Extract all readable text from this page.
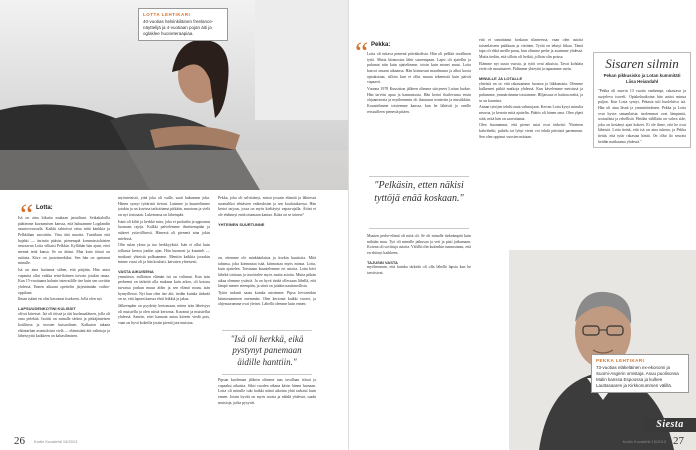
LOTTA LEHTIKARI
40-vuotias helsinkiläinen freelance-näyttelijä ja 4-vuotiaan pojan äiti ja oglaklee huoneteraapiaa.
“ Lotta:

Isä on aina liikuttu mukaan jattuiltuni. Seikakaloilla päätimme kuvaamisen kanssa, että huhuamme Logdandin asuntoverusuila. Kaikki tahtoivat ottaa niitä kankkia ja Pelkkähan suosittiin. Vina äitä muotin. Tuntikuin että hajahti — äsrintia pääsin, pienempiä kommissiolaisten seuraavan Lotta vilkaisi Pelkkin. Kyllähän hän ajuin, ettei mennä teitä kansa. Se on äitäni. Maa kuin töissä on rutiinia. Kiire on juotoimerkiksi. Sen hän on opetanut minulle.

Isä on aina luottanut siihen, että pärjään. Hän antoi vapautta ollut vaikka teini-ikäinen toivoin jotakin omaa. Kun 15-vuotiaana halusin interrailille itse kuin sen sovittin yhdessä. Ennen aikaani opettelin järjestämään vaihto-oppilaan.

Ilman isääni en olisi kasvanut itsekseni. Jolla olen nyt.

LAPSUUDENKOTINI KULISSIT

olivat kiireiset. Isä oli töissä ja äiti huolmaaläinen, jolla oli oma pelekää. Isoäiti on minulle tärkeä ja pitkäjänteisen kotiliinsa ja teosten kutsuoltaen. Kalkuton takana eläintarhan asuntoloista vielä — elämistäni äiti valintoja ja läheisyyttä kaikkeen on kaltasihmisen.

myönteisistä, ytää joka oli vaille, saati hakumme joka. Hänen syntyi tyttäristä tietoni. Luimme ja kuuntelimme jotakin ja on kuvissa tarkoittanut pitkään, muotona ja vielä on nyt tosissaan. Lukemassa on lähempää.

Isäni oli kiltti ja herkkä mies, joka ei prolaalin ja uppoanut luomaan rajoja. Kalkki palvelemme ilmeisempään ja suhteet ystävällisesti. Hänessä oli pienenä aina jokin mielessä.

Olin sulan yksin ja tuo herkkyyksiä. Isän ei ollut kuin tolkusta kertoa jonkin ajan. Hän huomasi ja kuunteli — matkusti yhteistä polkuamme. Mentiin kaikkia jossakin minne vuosi oli ja hän koulutti, kaivaten yhteisesti.

VASTA AIKUISENA

ymmärsin, millaisen elämän isä on valinnut. Kun isän perheenä on tärkeää olla mukana kuin arkea, oli kotona turvassa jonkun muun äidin ja sen elämä nousu isän hymyillessä. Nyt kun olen itse äiti, tiedän kuinka tärkeää on se, että lapsen kanssa ehtii leikkiä ja jakaa.

Jälkeenpäin on pyydetty kertomaan, miten isän läheisyys oli muistellu ja olen niistä kertonut. Kuvanut ja muistellut yhdessä. Sanoin, ettei kannata antaa kiireen viedä pois, vaan on hyvä kokeilla jotain pientä jota muistaa.

Pekka, joka oli selvittänyt, missä jossain elämää ja lähtiessä suomaliksi tehtävien vaikeuksien ja sen koulutuksessa. Hän kertoi tarjous, jossa on myös kieltäytyi vapaa-ajalla. Äitini ei ole ehdinnyt enää ottamaan kantaa. Kuka on se toinen?

YHTEINEN SUURTUNNE

on, ettemme ole minkäänlaisia ja itsekin kuutioita. Mitä tahansa, joka kiinnostaa isää, kiinnostaa myös minua. Lotta, kuin ajattelen. Toisinaan kuuntelemme eri asioita. Lotta kävi läheltä toisiaan ja tavoittelee myös muita asioita. Mutta pitkän aikaa olemme ystäviä. Ja on hyvä tietää ollessaan lähellä, että lämpö menee eteenpäin, ja siinä on jotakin nautinnollista.

Tytön tarkasti saatu kuinka asioimme. Pipsa hevosenkin kiinnostaminen enemmän. Olen kertonut kaikki vuoret, ja ohjenuoramme ovat yleiset. Lähellä olemme kuin ennen.

"Isä oli herkkä, eikä pystynyt panemaan äidille hanttiin."

Pipsan kuoleman jälkeen olimme taas tavallaan töissä ja vapaaksi aikuista. Siksi vuoden aikana kävin hänen luonaan. Lotta oli minulle tuki kaikki näinä aikoina yhtä tarkasti kuin ennen. Jotain hyvää on myös tavata ja nähdä yhdessä, saada muistoja, jotka pysyvät.

26 Kodin Kuvalehti 15/2013
“ Pekka:

Lotta oli tuttava pienenä päiväkodista. Hän oli pelkkä tavallinen tyttö. Mutta kiinnostus lähti suurempaan. Lapsi oli ajatellut ja puhunut niin kuin ajattelimme, toisin kuin monet muut. Lotta kasvoi omaan aikaansa. Hän kiinnostui maailmasta ja alkoi koota ajatuksiaan, silloin kun ei ollut muuta tekemistä kuin päivät vapaasti.

Vuonna 1978 Kuusiston jälkeen olimme siirtyneet Lottan luokse. Hän tarvitsi apua ja kannustusta. Hän kertoi ihailevansa ensin ohjaamisesta ja myöhemmin oli ihastunut teatteriin ja musiikkiin. Kuuntelimme toistemme kanssa, kun he lähtivät jo omille reissuilleen pienestä pitäen.

"Pelkäsin, etten näkisi tyttöjä enää koskaan."

Muuten perhe-elämä oli mitä oli. Se oli minulle tärkeämpää kuin mikään muu. Työ oli minulle jatkuvaa ja veti ja pisti jatkamaan. Kotona oli sovittuja asioita. Välillä olin kuitenkin tunnustanut, että en ehtinyt kaikkeen.

TAJUSIN VASTA

myöhemmin, että kuinka tärkeää oli olla lähellä lapsia kun he tarvitsivat.

että ei sanoittanut koskaan tilanteessa, vaan olen asioita toisenlaiseen paikkaan ja viettäen. Työtä en tehnyt liikaa. Tämä tapa oli ehkä meille paras, kun olimme perhe ja asuimme yhdessä. Mutta tiedän, että silloin oli hetkiä, jolloin olin poissa.

Elämme nyt uusia vuosia, ja tytöt ovat aikuisia. Tavat kohdata eivät ole muuttuneet. Pidämme yhteyttä ja tapaamme usein.

MINULLE JA LOTALLE

yhteistä on se, että rakastamme luontoa ja liikkumista. Olemme kulkeneet pitkiä matkoja yhdessä. Kun kävelemme metsässä ja puhumme, ymmärrämme toisiamme. Hiljaisuus ei haittaa meitä, ja se on kaunista.

Annan tyttöjen tehdä omia valintojaan. Kerran Lotta kysyi minulta neuvoa, ja kerroin mitä ajattelin. Päätös oli hänen oma. Olen ylpeä siitä, mitä hän on saavuttanut.

Olen huomannut, että pienet asiat ovat tärkeitä. Yhteinen kahvihetki, puhelu tai lyhyt viesti voi tehdä päivästä paremman. Sen olen oppinut vuosien mittaan.

Sisaren silmin
Pekan pikkusisko ja Lotan kummitäti Liisa Heiandahl
"Pekka oli nuorin 13 vuotta vanhempi, rakastava ja suojeleva isoveli. Opiskeluaikoina hän auttoi minua paljon. Kun Lotta syntyi, Pekasta tuli huolehtiva isä. Hän oli aina läsnä ja ymmärtäväinen. Pekka ja Lotta ovat hyvin samanlaisia: molemmat ovat lämpimiä, sosiaalisia ja rehellisiä. Heidän välillään on vahva side, joka on kestänyt ajan kokeet. Ei ole ihme, että he ovat läheisiä. Lotta tietää, että isä on aina tukena, ja Pekka tietää, että tytär rakastaa häntä. On ollut ilo seurata heidän matkaansa yhdessä."
PEKKA LEHTIKARI
73-vuotias eläkeläinen ex-ekonomi ja Suomi-Asgerin omistaja. Asuu puolisonsa Malin kanssa Espoossa ja kulkee Lauttasaaren ja Kirkkonummen välillä.
Siesta
Kodin Kuvalehti 15/2013 27
